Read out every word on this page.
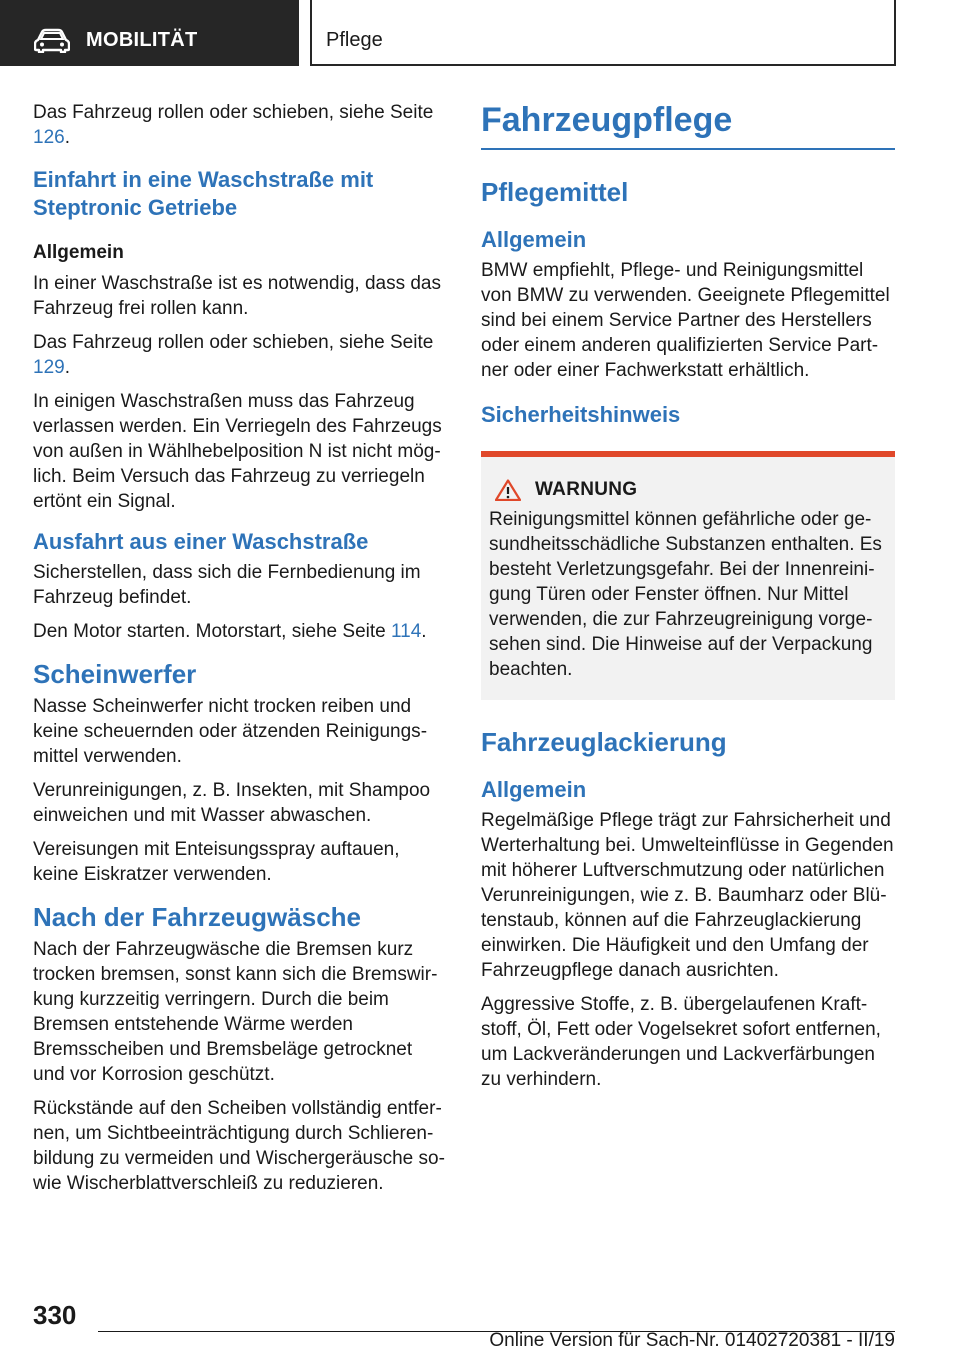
MOBILITÄT	Pflege

Das Fahrzeug rollen oder schieben, siehe Seite 126.

Einfahrt in eine Waschstraße mit Steptronic Getriebe
Allgemein

In einer Waschstraße ist es notwendig, dass das Fahrzeug frei rollen kann.

Das Fahrzeug rollen oder schieben, siehe Seite 129.

In einigen Waschstraßen muss das Fahrzeug verlassen werden. Ein Verriegeln des Fahrzeugs von außen in Wählhebelposition N ist nicht möglich. Beim Versuch das Fahrzeug zu verriegeln ertönt ein Signal.

Ausfahrt aus einer Waschstraße

Sicherstellen, dass sich die Fernbedienung im Fahrzeug befindet.

Den Motor starten. Motorstart, siehe Seite 114.

Scheinwerfer

Nasse Scheinwerfer nicht trocken reiben und keine scheuernden oder ätzenden Reinigungsmittel verwenden.

Verunreinigungen, z. B. Insekten, mit Shampoo einweichen und mit Wasser abwaschen.

Vereisungen mit Enteisungsspray auftauen, keine Eiskratzer verwenden.

Nach der Fahrzeugwäsche

Nach der Fahrzeugwäsche die Bremsen kurz trocken bremsen, sonst kann sich die Bremswirkung kurzzeitig verringern. Durch die beim Bremsen entstehende Wärme werden Bremsscheiben und Bremsbeläge getrocknet und vor Korrosion geschützt.

Rückstände auf den Scheiben vollständig entfernen, um Sichtbeeinträchtigung durch Schlierenbildung zu vermeiden und Wischergeräusche sowie Wischerblattverschleiß zu reduzieren.

Fahrzeugpflege
Pflegemittel
Allgemein

BMW empfiehlt, Pflege- und Reinigungsmittel von BMW zu verwenden. Geeignete Pflegemittel sind bei einem Service Partner des Herstellers oder einem anderen qualifizierten Service Partner oder einer Fachwerkstatt erhältlich.

Sicherheitshinweis
WARNUNG

Reinigungsmittel können gefährliche oder gesundheitsschädliche Substanzen enthalten. Es besteht Verletzungsgefahr. Bei der Innenreinigung Türen oder Fenster öffnen. Nur Mittel verwenden, die zur Fahrzeugreinigung vorgesehen sind. Die Hinweise auf der Verpackung beachten.

Fahrzeuglackierung
Allgemein

Regelmäßige Pflege trägt zur Fahrsicherheit und Werterhaltung bei. Umwelteinflüsse in Gegenden mit höherer Luftverschmutzung oder natürlichen Verunreinigungen, wie z. B. Baumharz oder Blütenstaub, können auf die Fahrzeuglackierung einwirken. Die Häufigkeit und den Umfang der Fahrzeugpflege danach ausrichten.

Aggressive Stoffe, z. B. übergelaufenen Kraftstoff, Öl, Fett oder Vogelsekret sofort entfernen, um Lackveränderungen und Lackverfärbungen zu verhindern.

330
Online Version für Sach-Nr. 01402720381 - II/19
